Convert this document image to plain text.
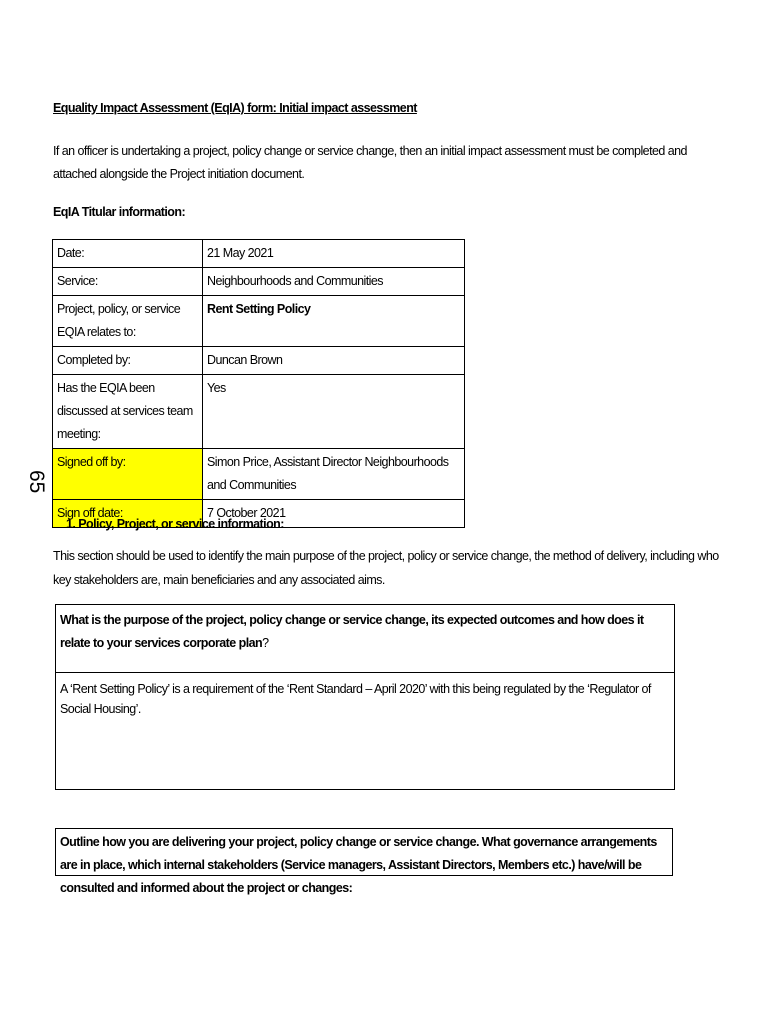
Equality Impact Assessment (EqIA) form: Initial impact assessment
If an officer is undertaking a project, policy change or service change, then an initial impact assessment must be completed and attached alongside the Project initiation document.
EqIA Titular information:
Date:	21 May 2021
Service:	Neighbourhoods and Communities
Project, policy, or service EQIA relates to:	Rent Setting Policy
Completed by:	Duncan Brown
Has the EQIA been discussed at services team meeting:	Yes
Signed off by:	Simon Price, Assistant Director Neighbourhoods and Communities
Sign off date:	7 October 2021
65
1. Policy, Project, or service information:
This section should be used to identify the main purpose of the project, policy or service change, the method of delivery, including who key stakeholders are, main beneficiaries and any associated aims.
What is the purpose of the project, policy change or service change, its expected outcomes and how does it relate to your services corporate plan?
A ‘Rent Setting Policy’ is a requirement of the ‘Rent Standard – April 2020’ with this being regulated by the ‘Regulator of Social Housing’.
Outline how you are delivering your project, policy change or service change. What governance arrangements are in place, which internal stakeholders (Service managers, Assistant Directors, Members etc.) have/will be consulted and informed about the project or changes:
